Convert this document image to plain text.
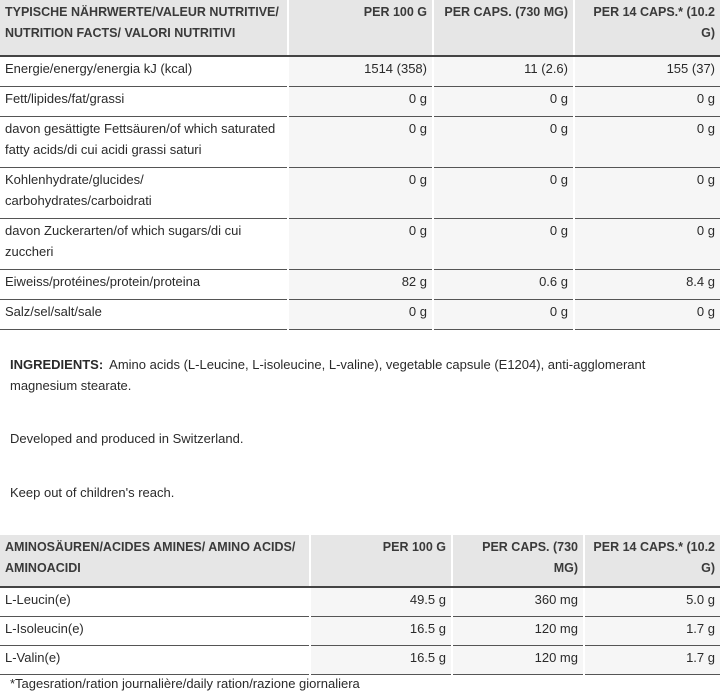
TYPISCHE NÄHRWERTE/VALEUR NUTRITIVE/ NUTRITION FACTS/ VALORI NUTRITIVI	PER 100 G	PER CAPS. (730 MG)	PER 14 CAPS.* (10.2 G)
Energie/energy/energia kJ (kcal)	1514 (358)	11 (2.6)	155 (37)
Fett/lipides/fat/grassi	0 g	0 g	0 g
davon gesättigte Fettsäuren/of which saturated fatty acids/di cui acidi grassi saturi	0 g	0 g	0 g
Kohlenhydrate/glucides/ carbohydrates/carboidrati	0 g	0 g	0 g
davon Zuckerarten/of which sugars/di cui zuccheri	0 g	0 g	0 g
Eiweiss/protéines/protein/proteina	82 g	0.6 g	8.4 g
Salz/sel/salt/sale	0 g	0 g	0 g

INGREDIENTS: Amino acids (L-Leucine, L-isoleucine, L-valine), vegetable capsule (E1204), anti-agglomerant magnesium stearate.

Developed and produced in Switzerland.

Keep out of children's reach.

AMINOSÄUREN/ACIDES AMINES/ AMINO ACIDS/ AMINOACIDI	PER 100 G	PER CAPS. (730 MG)	PER 14 CAPS.* (10.2 G)
L-Leucin(e)	49.5 g	360 mg	5.0 g
L-Isoleucin(e)	16.5 g	120 mg	1.7 g
L-Valin(e)	16.5 g	120 mg	1.7 g
*Tagesration/ration journalière/daily ration/razione giornaliera
